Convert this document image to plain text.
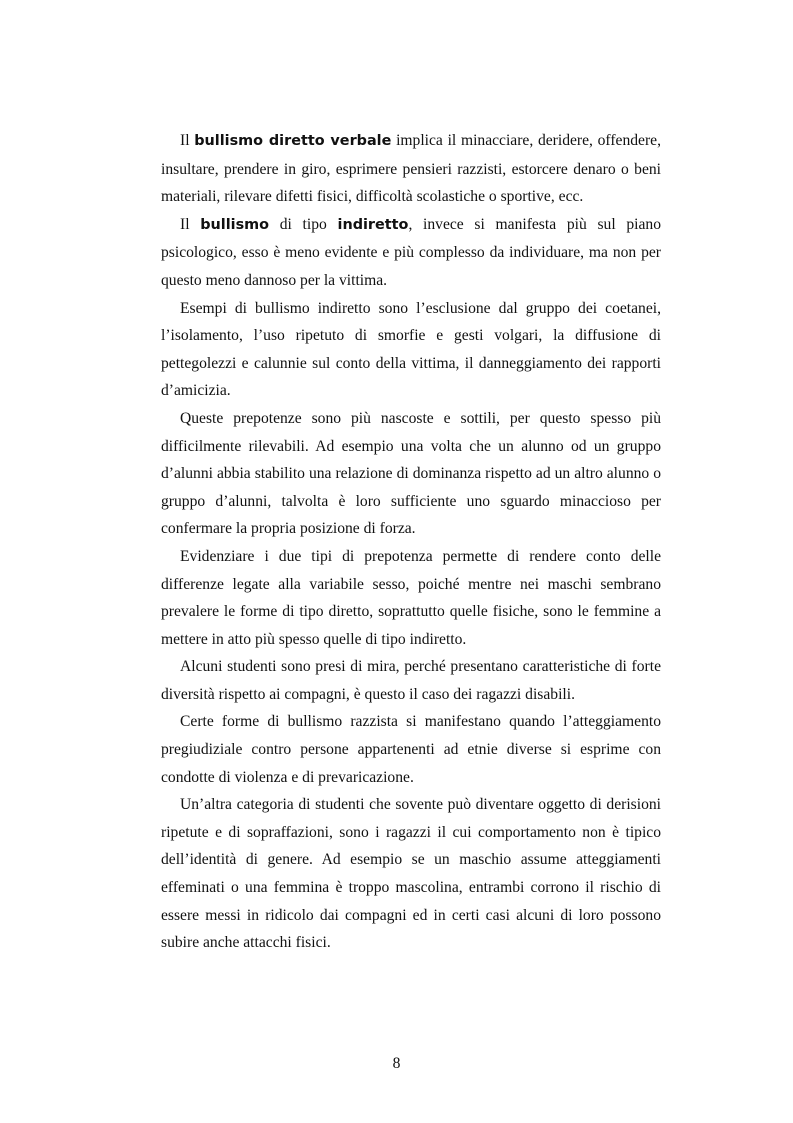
Il bullismo diretto verbale implica il minacciare, deridere, offendere, insultare, prendere in giro, esprimere pensieri razzisti, estorcere denaro o beni materiali, rilevare difetti fisici, difficoltà scolastiche o sportive, ecc.

Il bullismo di tipo indiretto, invece si manifesta più sul piano psicologico, esso è meno evidente e più complesso da individuare, ma non per questo meno dannoso per la vittima.

Esempi di bullismo indiretto sono l’esclusione dal gruppo dei coetanei, l’isolamento, l’uso ripetuto di smorfie e gesti volgari, la diffusione di pettegolezzi e calunnie sul conto della vittima, il danneggiamento dei rapporti d’amicizia.

Queste prepotenze sono più nascoste e sottili, per questo spesso più difficilmente rilevabili. Ad esempio una volta che un alunno od un gruppo d’alunni abbia stabilito una relazione di dominanza rispetto ad un altro alunno o gruppo d’alunni, talvolta è loro sufficiente uno sguardo minaccioso per confermare la propria posizione di forza.

Evidenziare i due tipi di prepotenza permette di rendere conto delle differenze legate alla variabile sesso, poiché mentre nei maschi sembrano prevalere le forme di tipo diretto, soprattutto quelle fisiche, sono le femmine a mettere in atto più spesso quelle di tipo indiretto.

Alcuni studenti sono presi di mira, perché presentano caratteristiche di forte diversità rispetto ai compagni, è questo il caso dei ragazzi disabili.

Certe forme di bullismo razzista si manifestano quando l’atteggiamento pregiudiziale contro persone appartenenti ad etnie diverse si esprime con condotte di violenza e di prevaricazione.

Un’altra categoria di studenti che sovente può diventare oggetto di derisioni ripetute e di sopraffazioni, sono i ragazzi il cui comportamento non è tipico dell’identità di genere. Ad esempio se un maschio assume atteggiamenti effeminati o una femmina è troppo mascolina, entrambi corrono il rischio di essere messi in ridicolo dai compagni ed in certi casi alcuni di loro possono subire anche attacchi fisici.

8
